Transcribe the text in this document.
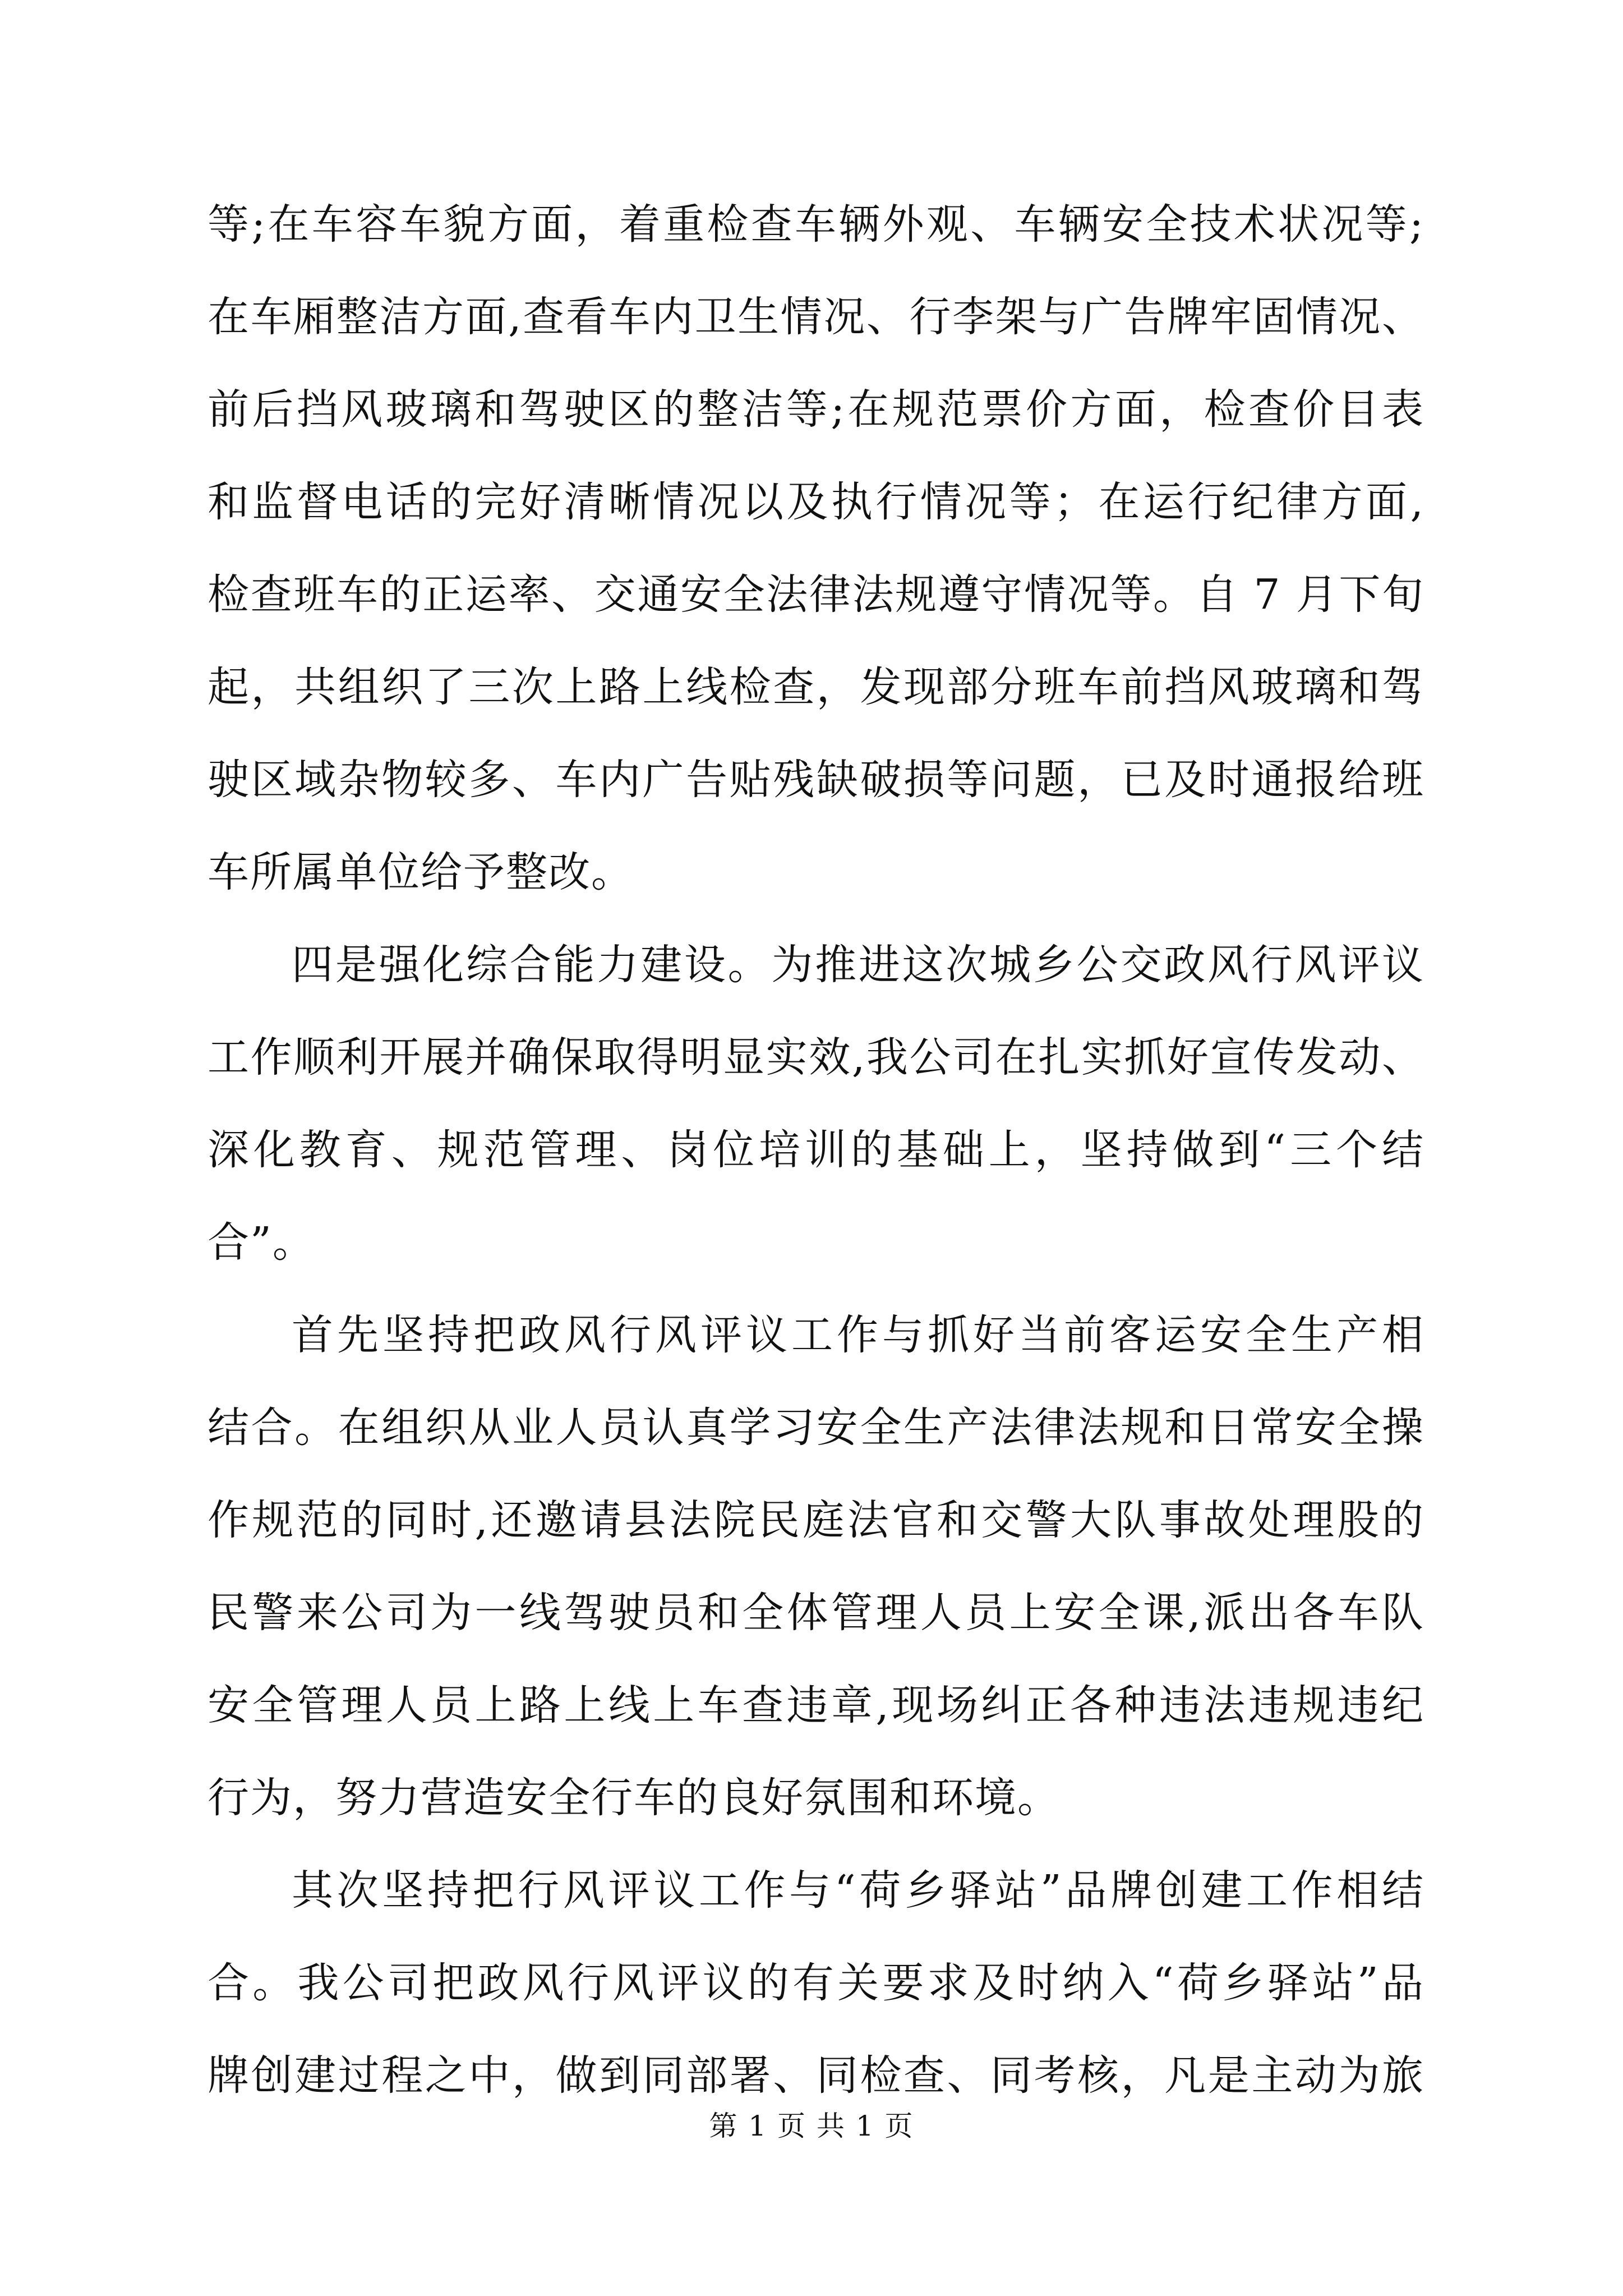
等;在车容车貌方面，着重检查车辆外观、车辆安全技术状况等;
在车厢整洁方面,查看车内卫生情况、行李架与广告牌牢固情况、
前后挡风玻璃和驾驶区的整洁等;在规范票价方面，检查价目表
和监督电话的完好清晰情况以及执行情况等；在运行纪律方面,
检查班车的正运率、交通安全法律法规遵守情况等。自 7 月下旬
起，共组织了三次上路上线检查，发现部分班车前挡风玻璃和驾
驶区域杂物较多、车内广告贴残缺破损等问题，已及时通报给班
车所属单位给予整改。
四是强化综合能力建设。为推进这次城乡公交政风行风评议
工作顺利开展并确保取得明显实效,我公司在扎实抓好宣传发动、
深化教育、规范管理、岗位培训的基础上，坚持做到“三个结
合”。
首先坚持把政风行风评议工作与抓好当前客运安全生产相
结合。在组织从业人员认真学习安全生产法律法规和日常安全操
作规范的同时,还邀请县法院民庭法官和交警大队事故处理股的
民警来公司为一线驾驶员和全体管理人员上安全课,派出各车队
安全管理人员上路上线上车查违章,现场纠正各种违法违规违纪
行为，努力营造安全行车的良好氛围和环境。
其次坚持把行风评议工作与“荷乡驿站”品牌创建工作相结
合。我公司把政风行风评议的有关要求及时纳入“荷乡驿站”品
牌创建过程之中，做到同部署、同检查、同考核，凡是主动为旅
第 1 页 共 1 页
